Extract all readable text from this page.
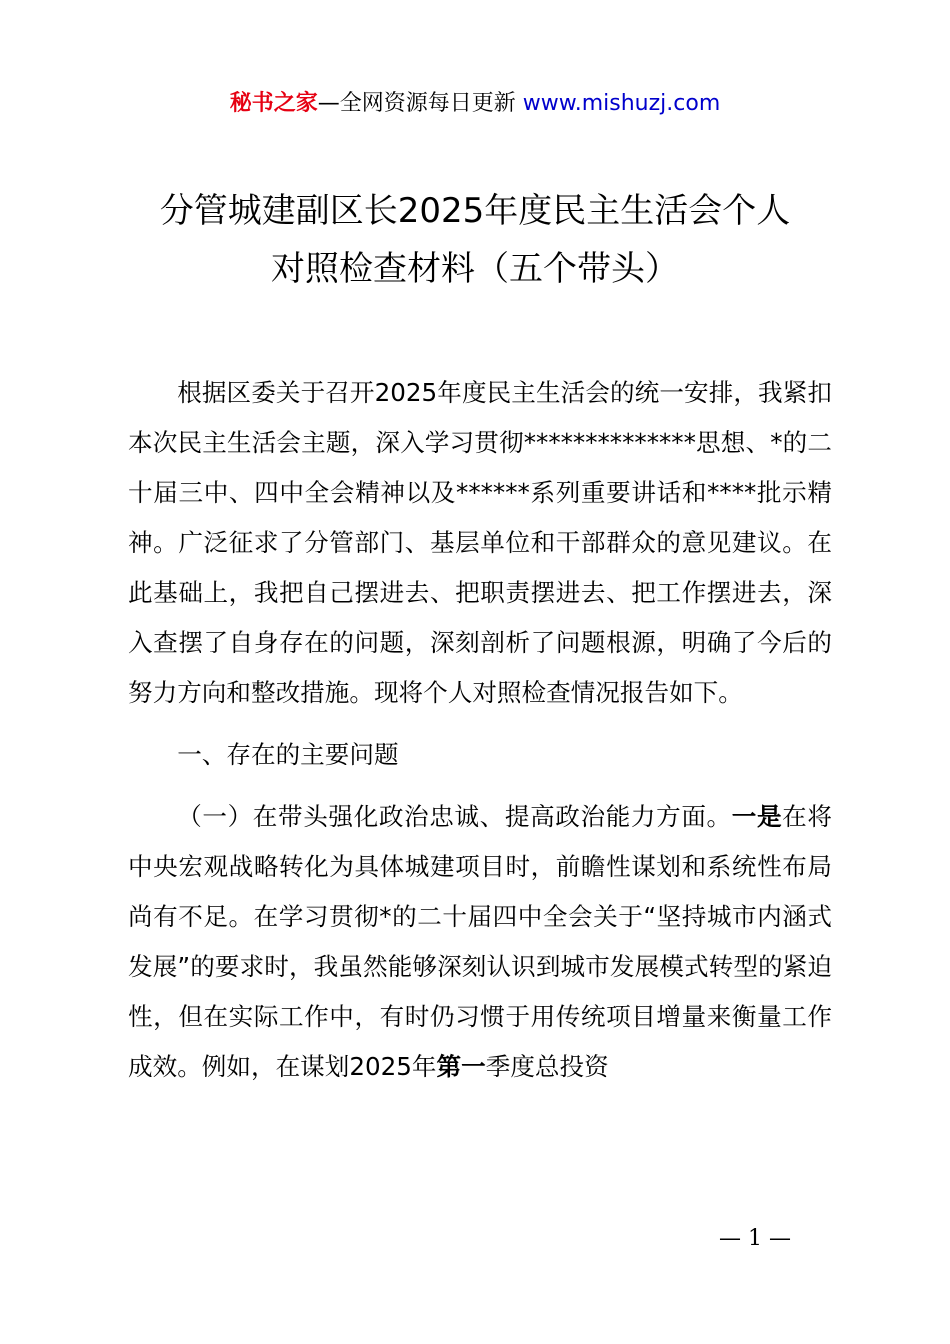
秘书之家—全网资源每日更新 www.mishuzj.com
分管城建副区长2025年度民主生活会个人
对照检查材料（五个带头）

根据区委关于召开2025年度民主生活会的统一安排，我紧扣本次民主生活会主题，深入学习贯彻**************思想、*的二十届三中、四中全会精神以及******系列重要讲话和****批示精神。广泛征求了分管部门、基层单位和干部群众的意见建议。在此基础上，我把自己摆进去、把职责摆进去、把工作摆进去，深入查摆了自身存在的问题，深刻剖析了问题根源，明确了今后的努力方向和整改措施。现将个人对照检查情况报告如下。

一、存在的主要问题

（一）在带头强化政治忠诚、提高政治能力方面。一是在将中央宏观战略转化为具体城建项目时，前瞻性谋划和系统性布局尚有不足。在学习贯彻*的二十届四中全会关于“坚持城市内涵式发展”的要求时，我虽然能够深刻认识到城市发展模式转型的紧迫性，但在实际工作中，有时仍习惯于用传统项目增量来衡量工作成效。例如，在谋划2025年第一季度总投资

— 1 —
